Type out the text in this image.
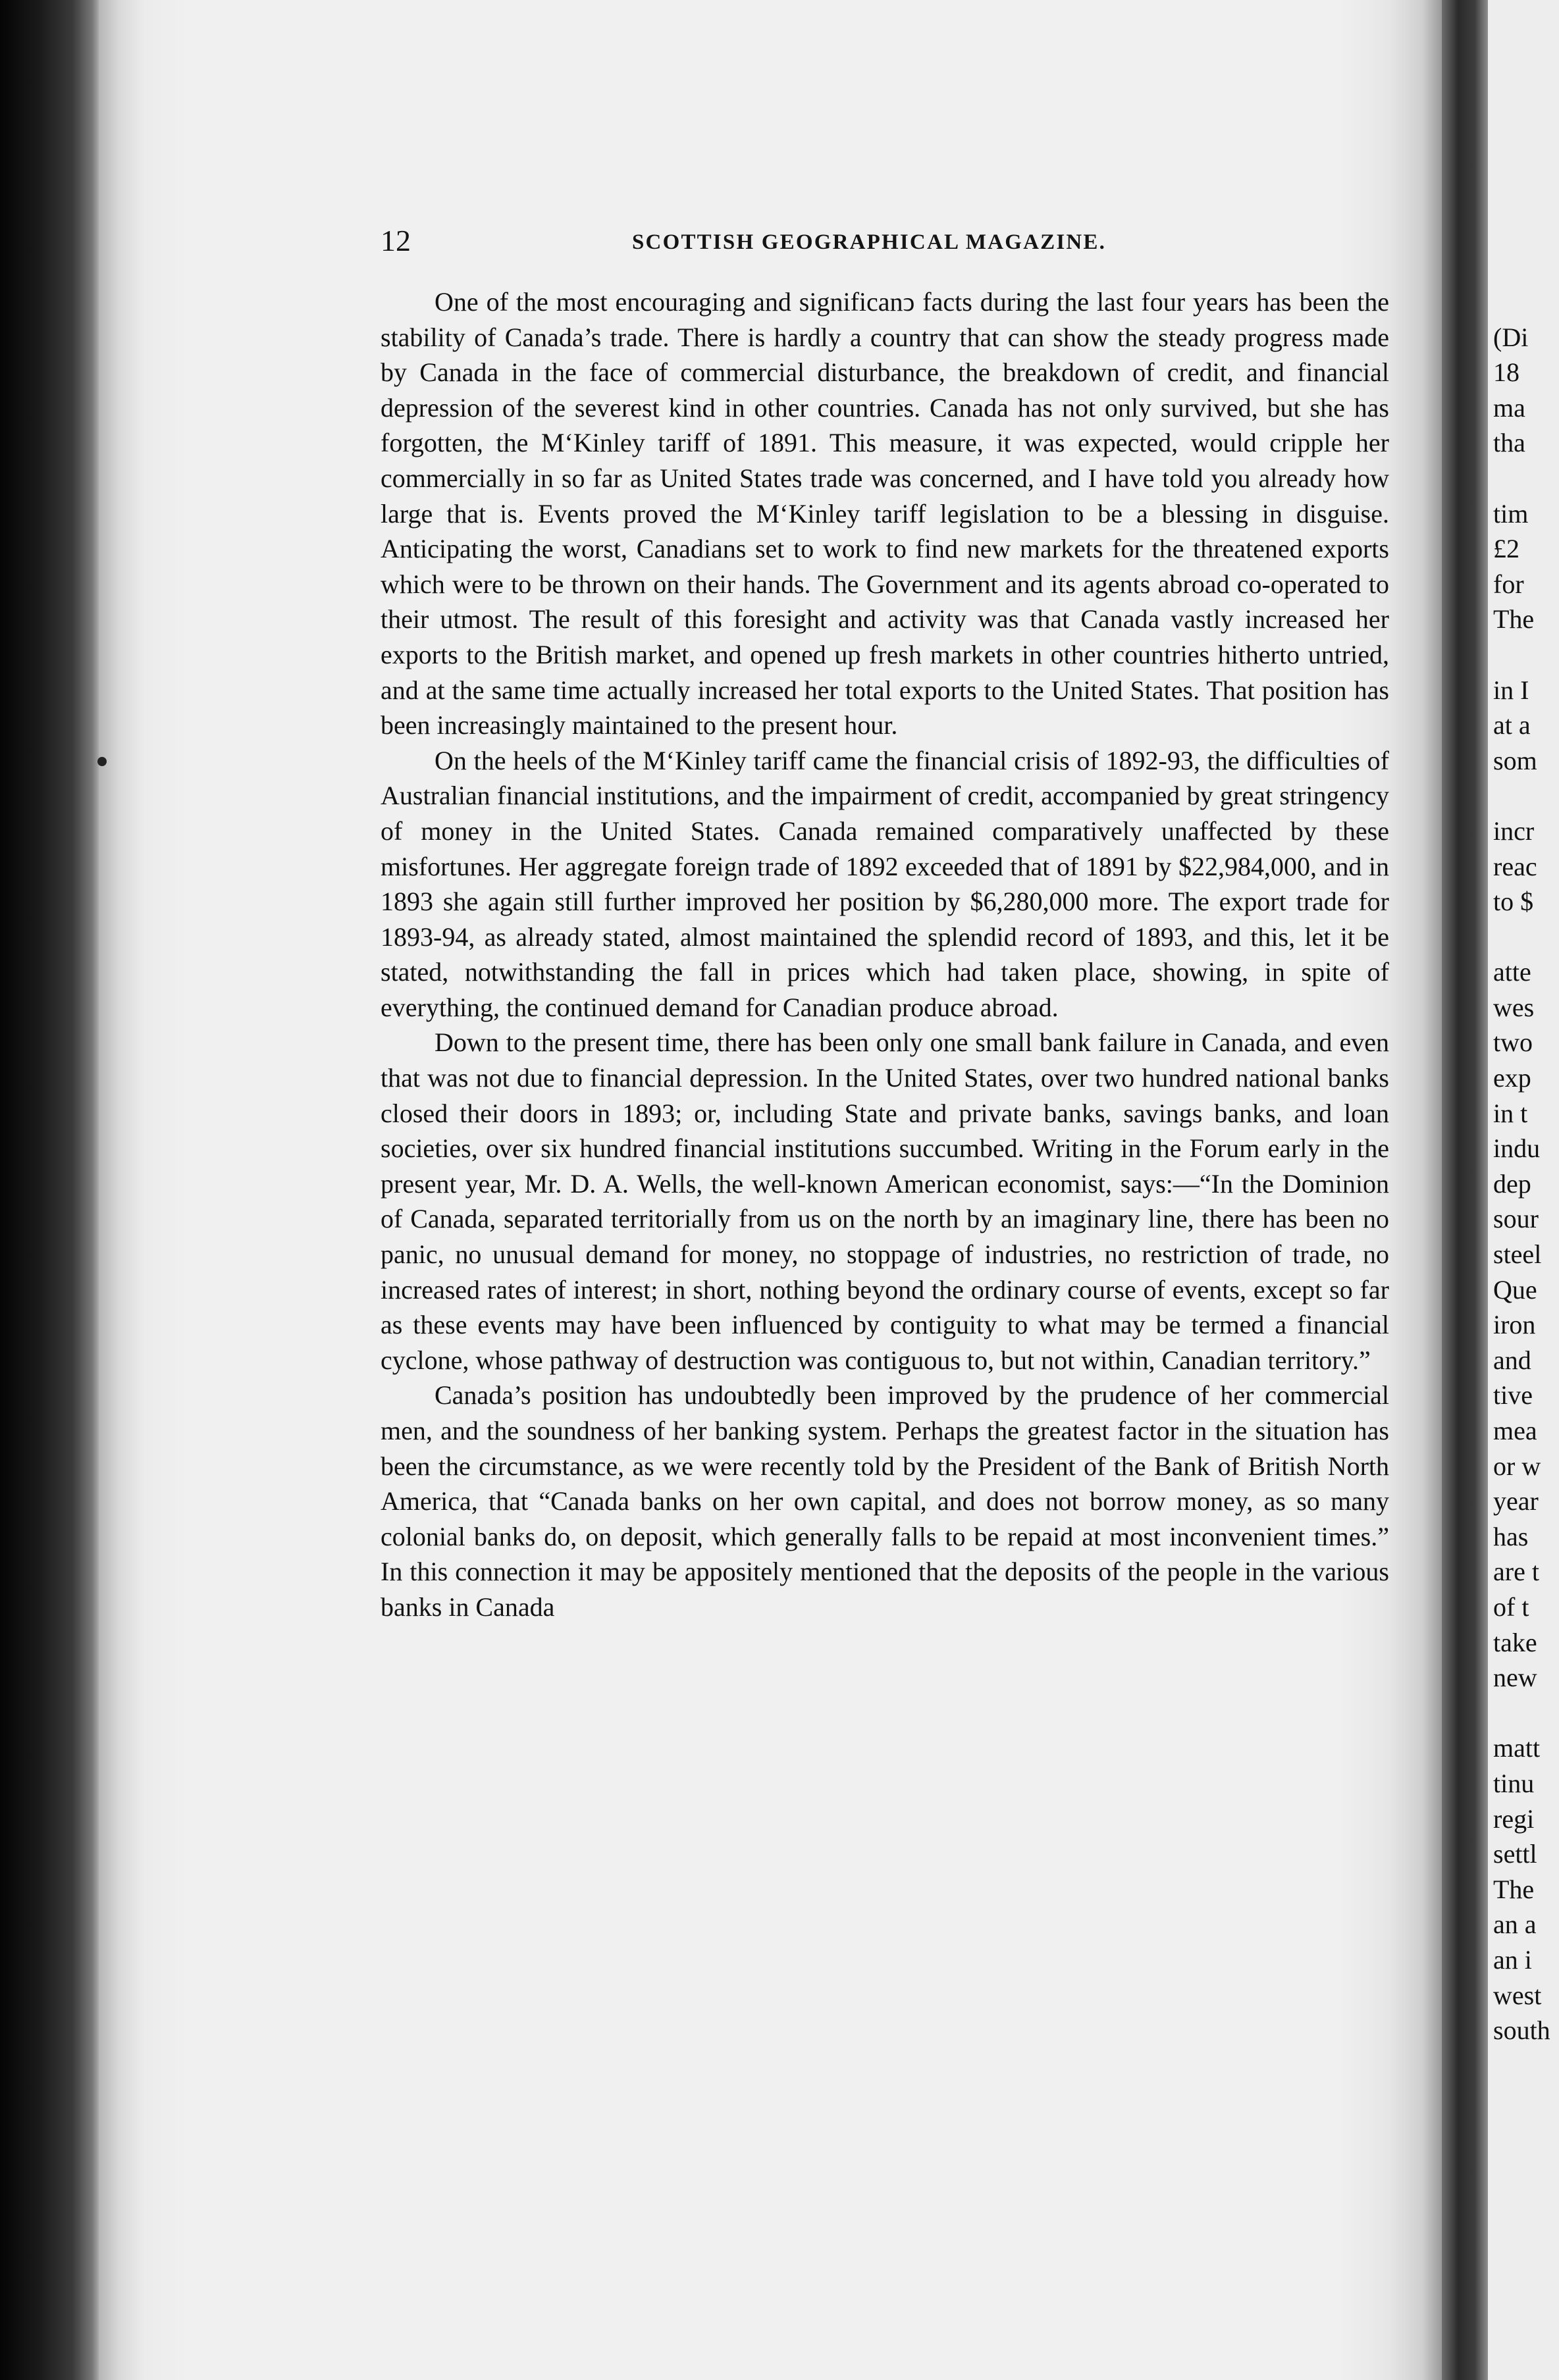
12	SCOTTISH GEOGRAPHICAL MAGAZINE.

One of the most encouraging and significanↄ facts during the last four years has been the stability of Canada’s trade. There is hardly a country that can show the steady progress made by Canada in the face of commercial disturbance, the breakdown of credit, and financial depression of the severest kind in other countries. Canada has not only survived, but she has forgotten, the M‘Kinley tariff of 1891. This measure, it was expected, would cripple her commercially in so far as United States trade was concerned, and I have told you already how large that is. Events proved the M‘Kinley tariff legislation to be a blessing in disguise. Anticipating the worst, Canadians set to work to find new markets for the threatened exports which were to be thrown on their hands. The Government and its agents abroad co-operated to their utmost. The result of this foresight and activity was that Canada vastly increased her exports to the British market, and opened up fresh markets in other countries hitherto untried, and at the same time actually increased her total exports to the United States. That position has been increasingly maintained to the present hour.

On the heels of the M‘Kinley tariff came the financial crisis of 1892-93, the difficulties of Australian financial institutions, and the impairment of credit, accompanied by great stringency of money in the United States. Canada remained comparatively unaffected by these misfortunes. Her aggregate foreign trade of 1892 exceeded that of 1891 by $22,984,000, and in 1893 she again still further improved her position by $6,280,000 more. The export trade for 1893-94, as already stated, almost maintained the splendid record of 1893, and this, let it be stated, notwithstanding the fall in prices which had taken place, showing, in spite of everything, the continued demand for Canadian produce abroad.

Down to the present time, there has been only one small bank failure in Canada, and even that was not due to financial depression. In the United States, over two hundred national banks closed their doors in 1893; or, including State and private banks, savings banks, and loan societies, over six hundred financial institutions succumbed. Writing in the Forum early in the present year, Mr. D. A. Wells, the well-known American economist, says:—“In the Dominion of Canada, separated territorially from us on the north by an imaginary line, there has been no panic, no unusual demand for money, no stoppage of industries, no restriction of trade, no increased rates of interest; in short, nothing beyond the ordinary course of events, except so far as these events may have been influenced by contiguity to what may be termed a financial cyclone, whose pathway of destruction was contiguous to, but not within, Canadian territory.”

Canada’s position has undoubtedly been improved by the prudence of her commercial men, and the soundness of her banking system. Perhaps the greatest factor in the situation has been the circumstance, as we were recently told by the President of the Bank of British North America, that “Canada banks on her own capital, and does not borrow money, as so many colonial banks do, on deposit, which generally falls to be repaid at most inconvenient times.” In this connection it may be appositely mentioned that the deposits of the people in the various banks in Canada

(Di
18
ma
tha
tim
£2
for
The
in I
at a
som
incr
reac
to $
atte
wes
two
exp
in t
indu
dep
sour
steel
Que
iron
and
tive
mea
or w
year
has
are t
of t
take
new
matt
tinu
regi
settl
The
an a
an i
west
south
